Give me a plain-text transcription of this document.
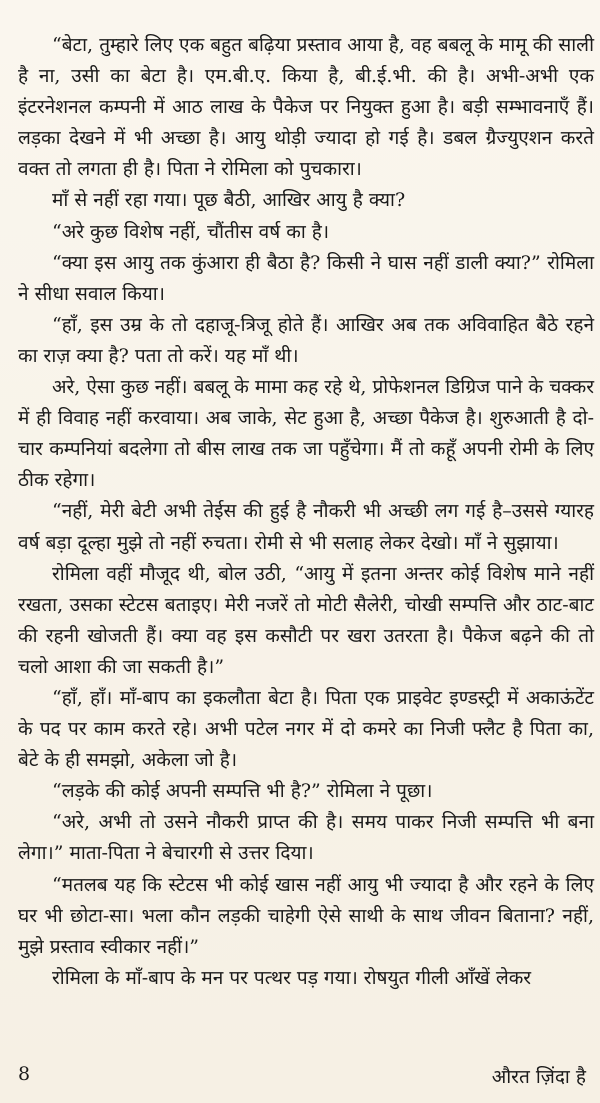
“बेटा, तुम्हारे लिए एक बहुत बढ़िया प्रस्ताव आया है, वह बबलू के मामू की साली है ना, उसी का बेटा है। एम.बी.ए. किया है, बी.ई.भी. की है। अभी-अभी एक इंटरनेशनल कम्पनी में आठ लाख के पैकेज पर नियुक्त हुआ है। बड़ी सम्भावनाएँ हैं। लड़का देखने में भी अच्छा है। आयु थोड़ी ज्यादा हो गई है। डबल ग्रैज्युएशन करते वक्त तो लगता ही है। पिता ने रोमिला को पुचकारा।

माँ से नहीं रहा गया। पूछ बैठी, आखिर आयु है क्या?

“अरे कुछ विशेष नहीं, चौंतीस वर्ष का है।

“क्या इस आयु तक कुंआरा ही बैठा है? किसी ने घास नहीं डाली क्या?” रोमिला ने सीधा सवाल किया।

“हाँ, इस उम्र के तो दहाजू-त्रिजू होते हैं। आखिर अब तक अविवाहित बैठे रहने का राज़ क्या है? पता तो करें। यह माँ थी।

अरे, ऐसा कुछ नहीं। बबलू के मामा कह रहे थे, प्रोफेशनल डिग्रिज पाने के चक्कर में ही विवाह नहीं करवाया। अब जाके, सेट हुआ है, अच्छा पैकेज है। शुरुआती है दो-चार कम्पनियां बदलेगा तो बीस लाख तक जा पहुँचेगा। मैं तो कहूँ अपनी रोमी के लिए ठीक रहेगा।

“नहीं, मेरी बेटी अभी तेईस की हुई है नौकरी भी अच्छी लग गई है–उससे ग्यारह वर्ष बड़ा दूल्हा मुझे तो नहीं रुचता। रोमी से भी सलाह लेकर देखो। माँ ने सुझाया।

रोमिला वहीं मौजूद थी, बोल उठी, “आयु में इतना अन्तर कोई विशेष माने नहीं रखता, उसका स्टेटस बताइए। मेरी नजरें तो मोटी सैलेरी, चोखी सम्पत्ति और ठाट-बाट की रहनी खोजती हैं। क्या वह इस कसौटी पर खरा उतरता है। पैकेज बढ़ने की तो चलो आशा की जा सकती है।”

“हाँ, हाँ। माँ-बाप का इकलौता बेटा है। पिता एक प्राइवेट इण्डस्ट्री में अकाऊंटेंट के पद पर काम करते रहे। अभी पटेल नगर में दो कमरे का निजी फ्लैट है पिता का, बेटे के ही समझो, अकेला जो है।

“लड़के की कोई अपनी सम्पत्ति भी है?” रोमिला ने पूछा।

“अरे, अभी तो उसने नौकरी प्राप्त की है। समय पाकर निजी सम्पत्ति भी बना लेगा।” माता-पिता ने बेचारगी से उत्तर दिया।

“मतलब यह कि स्टेटस भी कोई खास नहीं आयु भी ज्यादा है और रहने के लिए घर भी छोटा-सा। भला कौन लड़की चाहेगी ऐसे साथी के साथ जीवन बिताना? नहीं, मुझे प्रस्ताव स्वीकार नहीं।”

रोमिला के माँ-बाप के मन पर पत्थर पड़ गया। रोषयुत गीली आँखें लेकर

8	औरत ज़िंदा है
